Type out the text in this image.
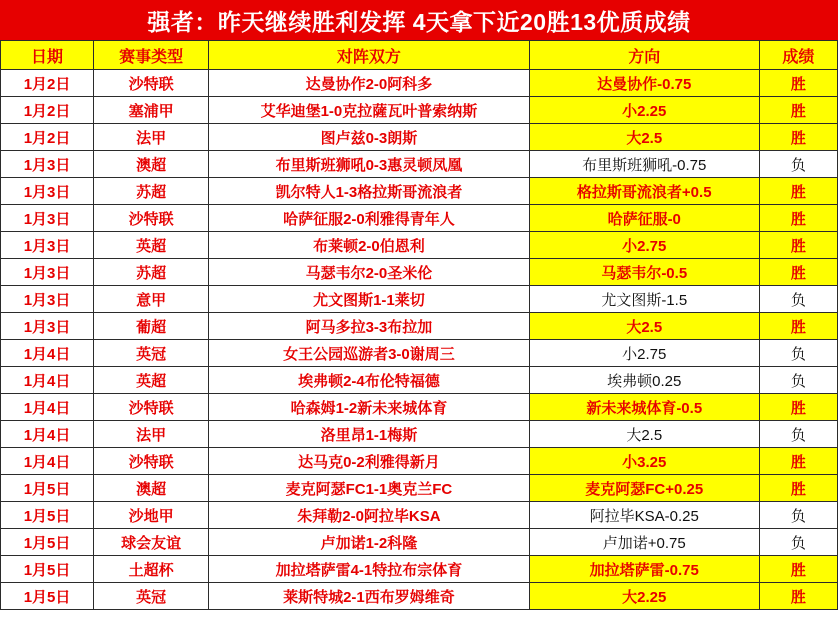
强者：昨天继续胜利发挥 4天拿下近20胜13优质成绩
日期	赛事类型	对阵双方	方向	成绩
1月2日	沙特联	达曼协作2-0阿科多	达曼协作-0.75	胜
1月2日	塞浦甲	艾华迪堡1-0克拉薩瓦叶普索纳斯	小2.25	胜
1月2日	法甲	图卢兹0-3朗斯	大2.5	胜
1月3日	澳超	布里斯班狮吼0-3惠灵顿凤凰	布里斯班狮吼-0.75	负
1月3日	苏超	凯尔特人1-3格拉斯哥流浪者	格拉斯哥流浪者+0.5	胜
1月3日	沙特联	哈萨征服2-0利雅得青年人	哈萨征服-0	胜
1月3日	英超	布莱顿2-0伯恩利	小2.75	胜
1月3日	苏超	马瑟韦尔2-0圣米伦	马瑟韦尔-0.5	胜
1月3日	意甲	尤文图斯1-1莱切	尤文图斯-1.5	负
1月3日	葡超	阿马多拉3-3布拉加	大2.5	胜
1月4日	英冠	女王公园巡游者3-0谢周三	小2.75	负
1月4日	英超	埃弗顿2-4布伦特福德	埃弗顿0.25	负
1月4日	沙特联	哈森姆1-2新未来城体育	新未来城体育-0.5	胜
1月4日	法甲	洛里昂1-1梅斯	大2.5	负
1月4日	沙特联	达马克0-2利雅得新月	小3.25	胜
1月5日	澳超	麦克阿瑟FC1-1奥克兰FC	麦克阿瑟FC+0.25	胜
1月5日	沙地甲	朱拜勒2-0阿拉毕KSA	阿拉毕KSA-0.25	负
1月5日	球会友谊	卢加诺1-2科隆	卢加诺+0.75	负
1月5日	土超杯	加拉塔萨雷4-1特拉布宗体育	加拉塔萨雷-0.75	胜
1月5日	英冠	莱斯特城2-1西布罗姆维奇	大2.25	胜
